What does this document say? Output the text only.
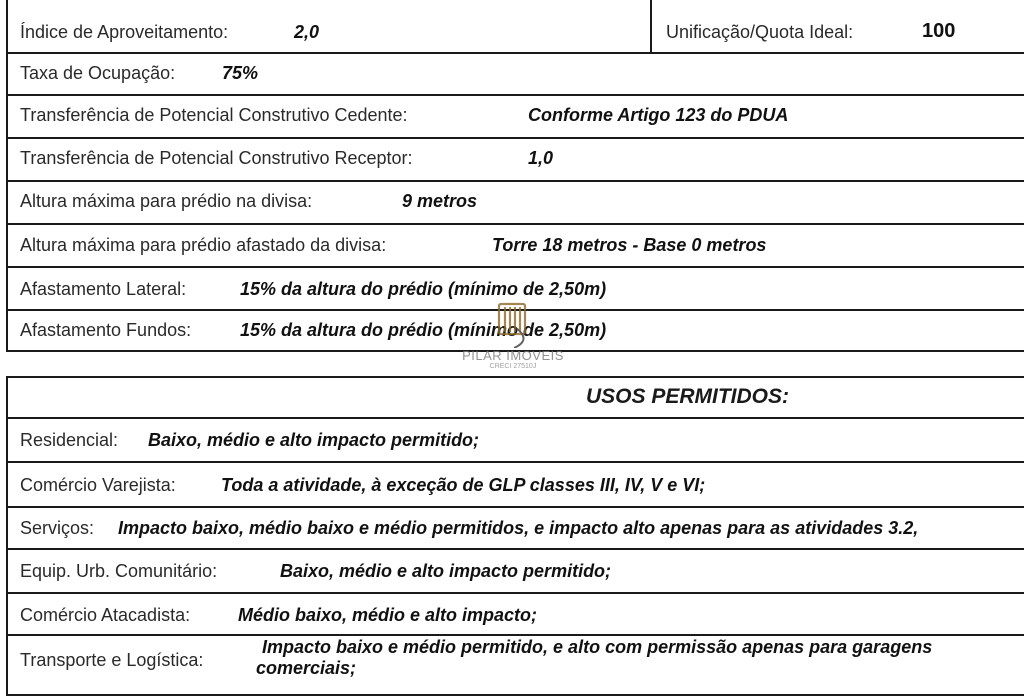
Índice de Aproveitamento:	2,0	Unificação/Quota Ideal:	100
Taxa de Ocupação:	75%
Transferência de Potencial Construtivo Cedente:	Conforme Artigo 123 do PDUA
Transferência de Potencial Construtivo Receptor:	1,0
Altura máxima para prédio na divisa:	9 metros
Altura máxima para prédio afastado da divisa:	Torre 18 metros - Base 0 metros
Afastamento Lateral:	15% da altura do prédio (mínimo de 2,50m)
Afastamento Fundos:	15% da altura do prédio (mínimo de 2,50m)
PILAR IMOVEIS
CRECI 27510J
USOS PERMITIDOS:
Residencial: Baixo, médio e alto impacto permitido;
Comércio Varejista:	Toda a atividade, à exceção de GLP classes III, IV, V e VI;
Serviços: Impacto baixo, médio baixo e médio permitidos, e impacto alto apenas para as atividades 3.2,
Equip. Urb. Comunitário:	Baixo, médio e alto impacto permitido;
Comércio Atacadista:	Médio baixo, médio e alto impacto;
Transporte e Logística:
Impacto baixo e médio permitido, e alto com permissão apenas para garagens
comerciais;
